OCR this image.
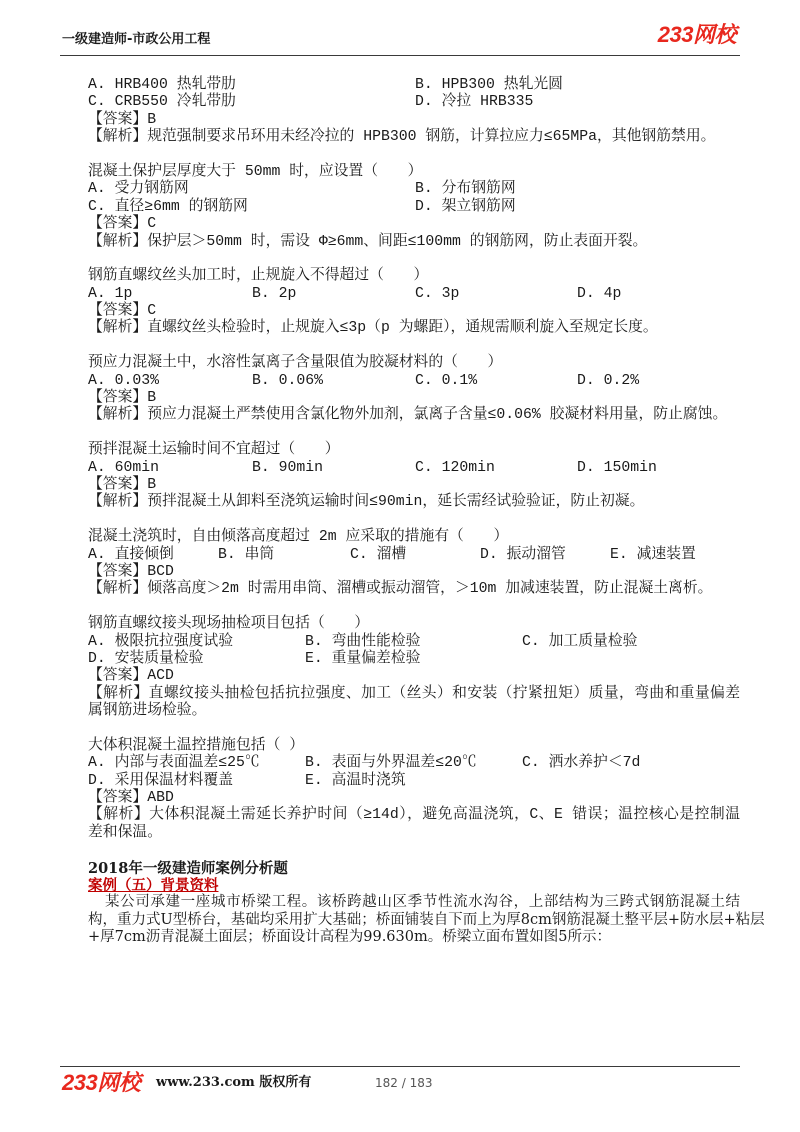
一级建造师-市政公用工程	233网校
A. HRB400 热轧带肋	B. HPB300 热轧光圆
C. CRB550 冷轧带肋	D. 冷拉 HRB335
【答案】B
【解析】规范强制要求吊环用未经冷拉的 HPB300 钢筋，计算拉应力≤65MPa，其他钢筋禁用。
混凝土保护层厚度大于 50mm 时，应设置（　　）
A. 受力钢筋网	B. 分布钢筋网
C. 直径≥6mm 的钢筋网	D. 架立钢筋网
【答案】C
【解析】保护层＞50mm 时，需设 Φ≥6mm、间距≤100mm 的钢筋网，防止表面开裂。
钢筋直螺纹丝头加工时，止规旋入不得超过（　　）
A. 1p	B. 2p	C. 3p	D. 4p
【答案】C
【解析】直螺纹丝头检验时，止规旋入≤3p（p 为螺距），通规需顺利旋入至规定长度。
预应力混凝土中，水溶性氯离子含量限值为胶凝材料的（　　）
A. 0.03%	B. 0.06%	C. 0.1%	D. 0.2%
【答案】B
【解析】预应力混凝土严禁使用含氯化物外加剂，氯离子含量≤0.06% 胶凝材料用量，防止腐蚀。
预拌混凝土运输时间不宜超过（　　）
A. 60min	B. 90min	C. 120min	D. 150min
【答案】B
【解析】预拌混凝土从卸料至浇筑运输时间≤90min，延长需经试验验证，防止初凝。
混凝土浇筑时，自由倾落高度超过 2m 应采取的措施有（　　）
A. 直接倾倒	B. 串筒	C. 溜槽	D. 振动溜管	E. 减速装置
【答案】BCD
【解析】倾落高度＞2m 时需用串筒、溜槽或振动溜管，＞10m 加减速装置，防止混凝土离析。
钢筋直螺纹接头现场抽检项目包括（　　）
A. 极限抗拉强度试验	B. 弯曲性能检验	C. 加工质量检验
D. 安装质量检验	E. 重量偏差检验
【答案】ACD
【解析】直螺纹接头抽检包括抗拉强度、加工（丝头）和安装（拧紧扭矩）质量，弯曲和重量偏差
属钢筋进场检验。
大体积混凝土温控措施包括（ ）
A. 内部与表面温差≤25℃	B. 表面与外界温差≤20℃	C. 洒水养护＜7d
D. 采用保温材料覆盖	E. 高温时浇筑
【答案】ABD
【解析】大体积混凝土需延长养护时间（≥14d），避免高温浇筑，C、E 错误；温控核心是控制温
差和保温。
2018年一级建造师案例分析题
案例（五）背景资料
某公司承建一座城市桥梁工程。该桥跨越山区季节性流水沟谷，上部结构为三跨式钢筋混凝土结
构，重力式U型桥台，基础均采用扩大基础；桥面铺装自下而上为厚8cm钢筋混凝土整平层+防水层+粘层
+厚7cm沥青混凝土面层；桥面设计高程为99.630m。桥梁立面布置如图5所示：
233网校 www.233.com 版权所有	182 / 183
